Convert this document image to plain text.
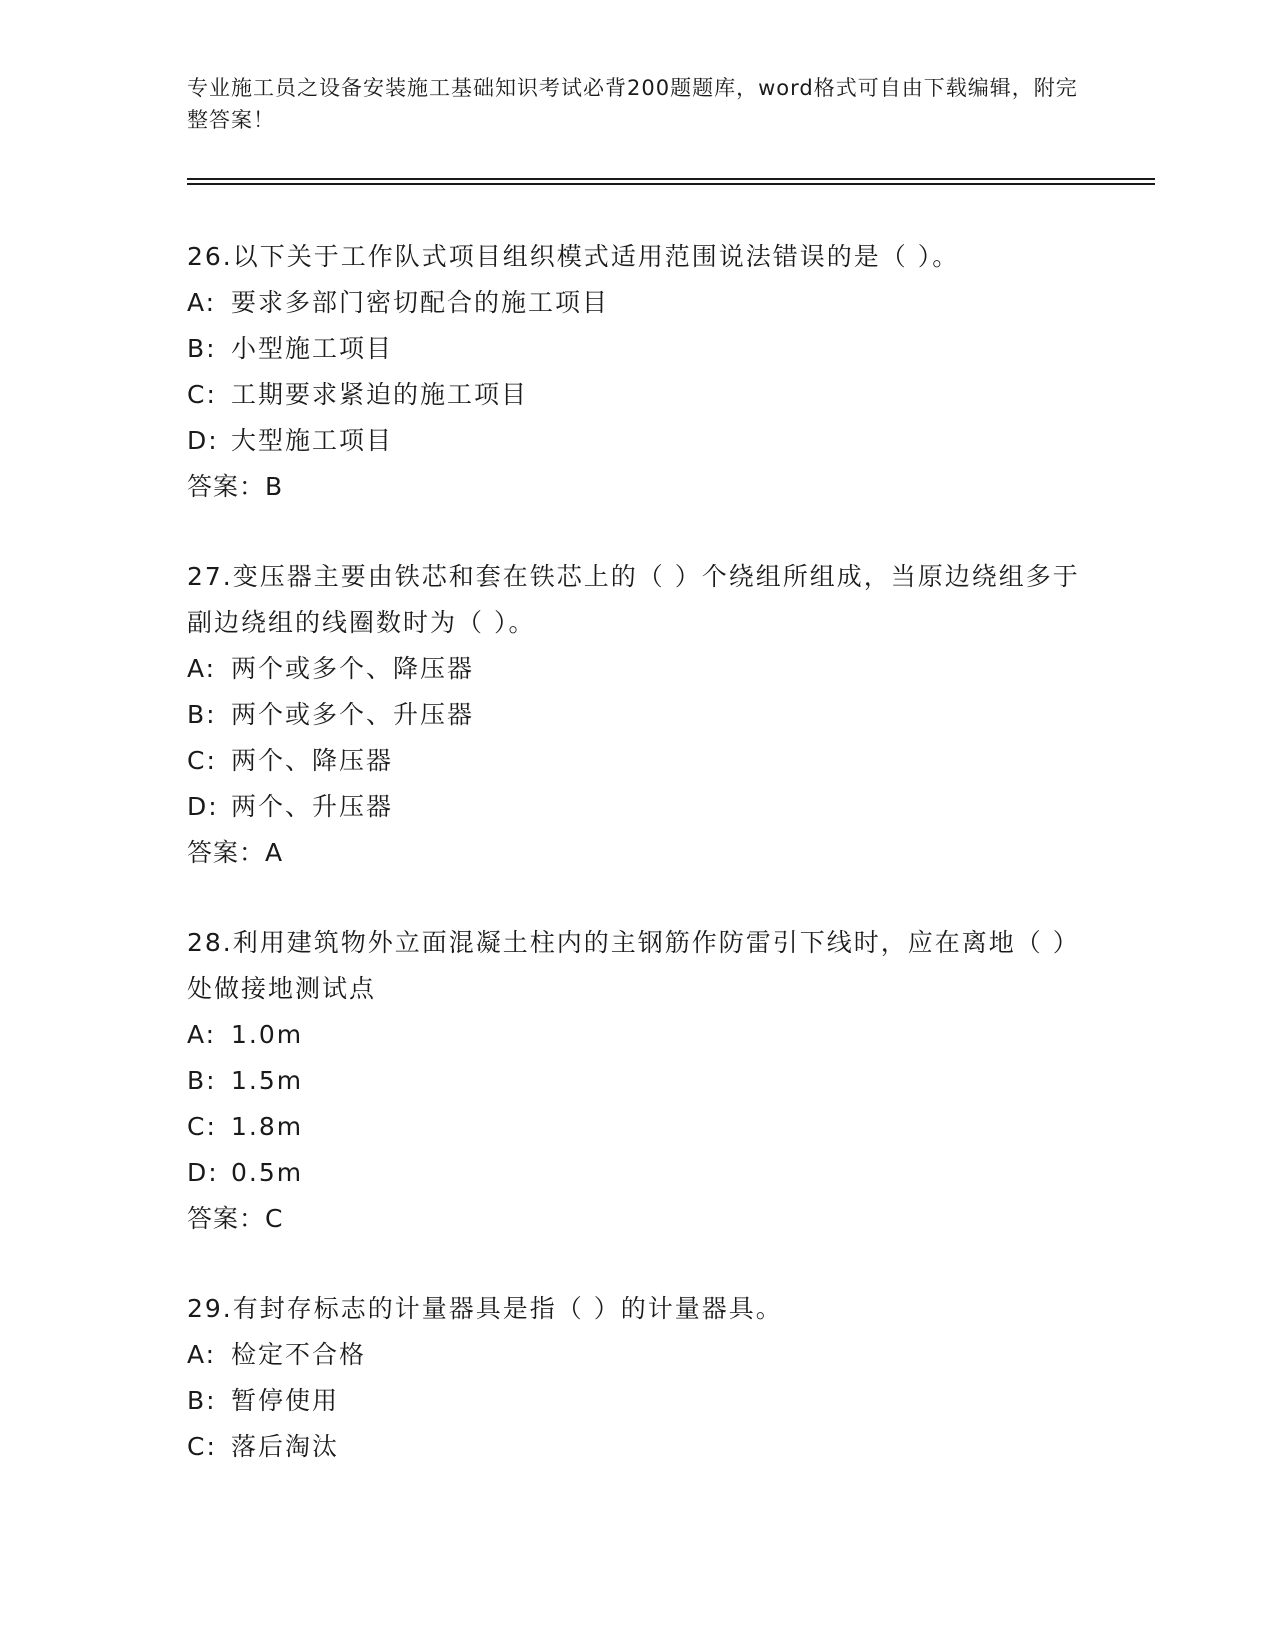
专业施工员之设备安装施工基础知识考试必背200题题库，word格式可自由下载编辑，附完整答案！
26.以下关于工作队式项目组织模式适用范围说法错误的是（ ）。
A: 要求多部门密切配合的施工项目
B: 小型施工项目
C: 工期要求紧迫的施工项目
D: 大型施工项目
答案：B
27.变压器主要由铁芯和套在铁芯上的（ ）个绕组所组成，当原边绕组多于副边绕组的线圈数时为（ ）。
A: 两个或多个、降压器
B: 两个或多个、升压器
C: 两个、降压器
D: 两个、升压器
答案：A
28.利用建筑物外立面混凝土柱内的主钢筋作防雷引下线时，应在离地（ ）处做接地测试点
A: 1.0m
B: 1.5m
C: 1.8m
D: 0.5m
答案：C
29.有封存标志的计量器具是指（ ）的计量器具。
A: 检定不合格
B: 暂停使用
C: 落后淘汰
